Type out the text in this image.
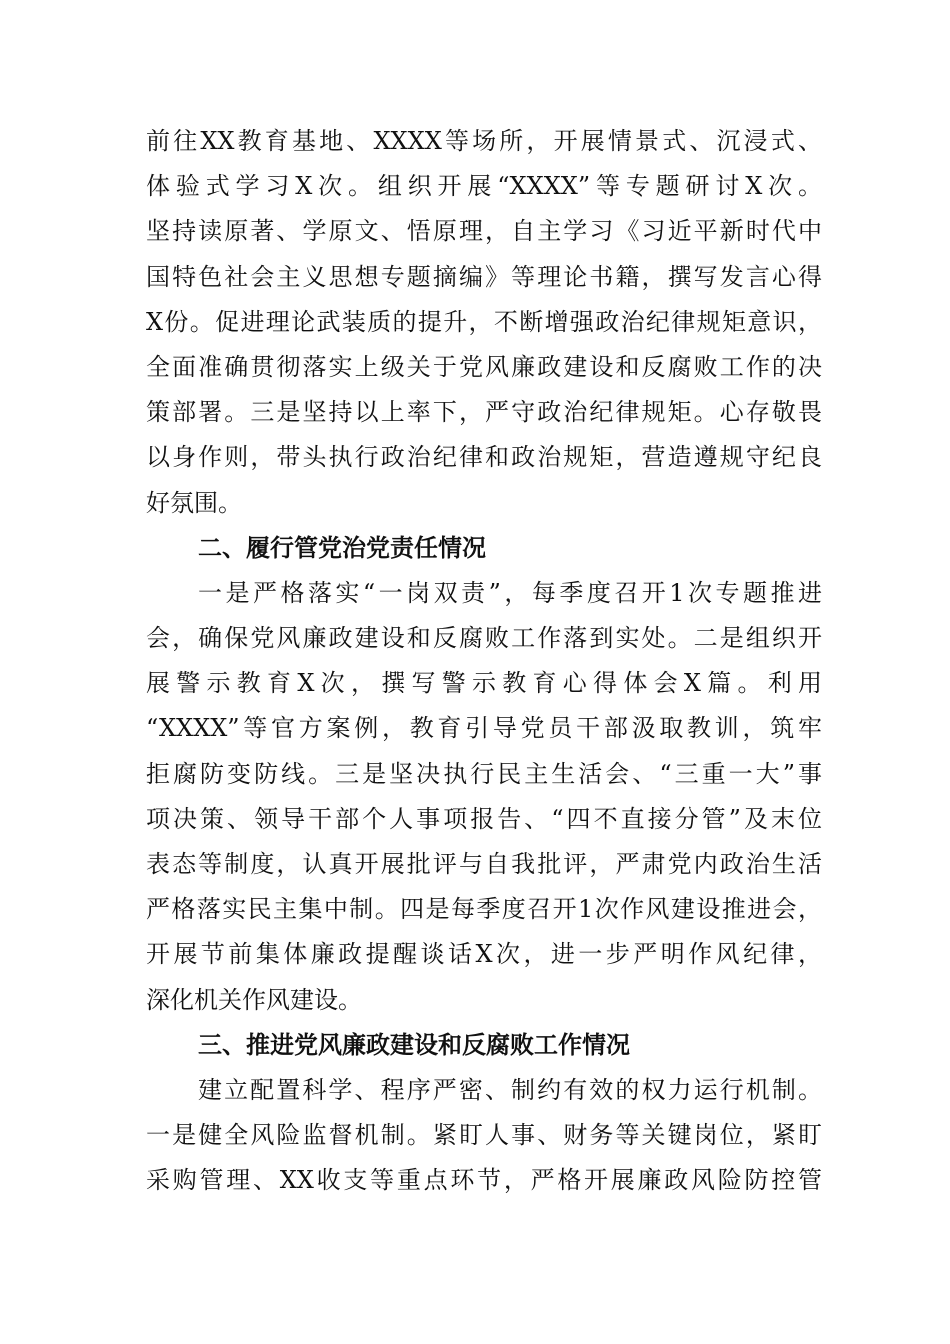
前往XX教育基地、XXXX等场所，开展情景式、沉浸式、
体验式学习X次。组织开展“XXXX”等专题研讨X次。
坚持读原著、学原文、悟原理，自主学习《习近平新时代中
国特色社会主义思想专题摘编》等理论书籍，撰写发言心得
X份。促进理论武装质的提升，不断增强政治纪律规矩意识，
全面准确贯彻落实上级关于党风廉政建设和反腐败工作的决
策部署。三是坚持以上率下，严守政治纪律规矩。心存敬畏
以身作则，带头执行政治纪律和政治规矩，营造遵规守纪良
好氛围。
二、履行管党治党责任情况
一是严格落实“一岗双责”，每季度召开1次专题推进
会，确保党风廉政建设和反腐败工作落到实处。二是组织开
展警示教育X次，撰写警示教育心得体会X篇。利用
“XXXX”等官方案例，教育引导党员干部汲取教训，筑牢
拒腐防变防线。三是坚决执行民主生活会、“三重一大”事
项决策、领导干部个人事项报告、“四不直接分管”及末位
表态等制度，认真开展批评与自我批评，严肃党内政治生活
严格落实民主集中制。四是每季度召开1次作风建设推进会，
开展节前集体廉政提醒谈话X次，进一步严明作风纪律，
深化机关作风建设。
三、推进党风廉政建设和反腐败工作情况
建立配置科学、程序严密、制约有效的权力运行机制。
一是健全风险监督机制。紧盯人事、财务等关键岗位，紧盯
采购管理、XX收支等重点环节，严格开展廉政风险防控管
